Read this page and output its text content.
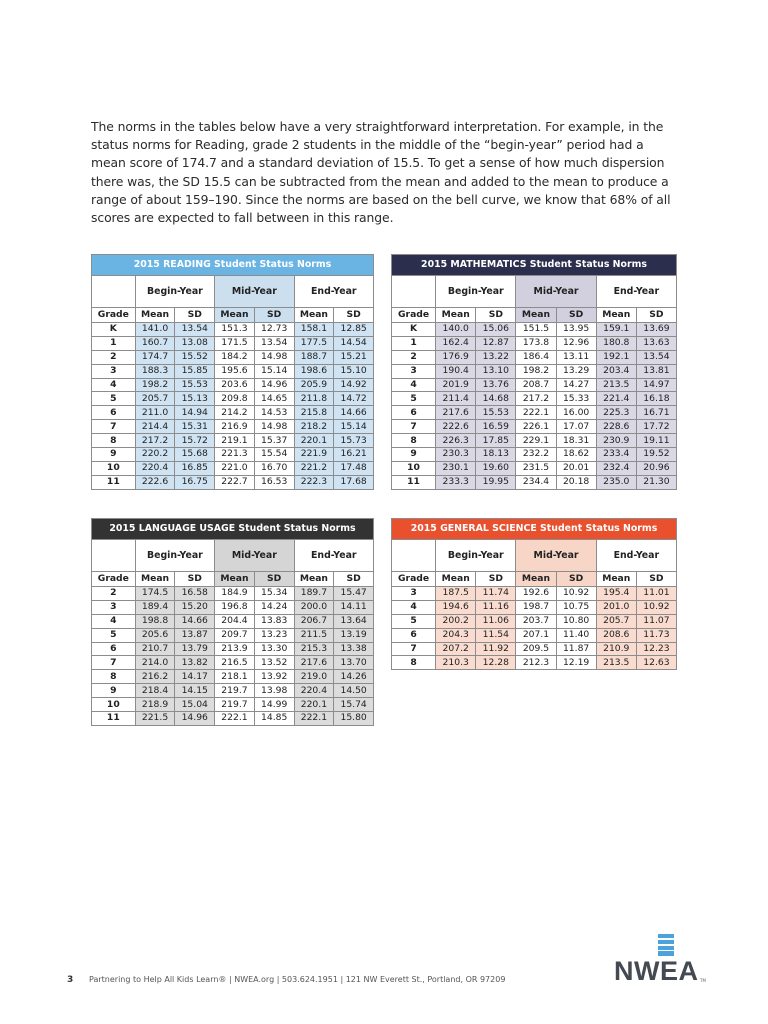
The norms in the tables below have a very straightforward interpretation. For example, in the status norms for Reading, grade 2 students in the middle of the “begin-year” period had a mean score of 174.7 and a standard deviation of 15.5. To get a sense of how much dispersion there was, the SD 15.5 can be subtracted from the mean and added to the mean to produce a range of about 159–190. Since the norms are based on the bell curve, we know that 68% of all scores are expected to fall between in this range.

2015 READING Student Status Norms						
	Begin-Year		Mid-Year		End-Year	
Grade	Mean	SD	Mean	SD	Mean	SD
K	141.0	13.54	151.3	12.73	158.1	12.85
1	160.7	13.08	171.5	13.54	177.5	14.54
2	174.7	15.52	184.2	14.98	188.7	15.21
3	188.3	15.85	195.6	15.14	198.6	15.10
4	198.2	15.53	203.6	14.96	205.9	14.92
5	205.7	15.13	209.8	14.65	211.8	14.72
6	211.0	14.94	214.2	14.53	215.8	14.66
7	214.4	15.31	216.9	14.98	218.2	15.14
8	217.2	15.72	219.1	15.37	220.1	15.73
9	220.2	15.68	221.3	15.54	221.9	16.21
10	220.4	16.85	221.0	16.70	221.2	17.48
11	222.6	16.75	222.7	16.53	222.3	17.68
2015 MATHEMATICS Student Status Norms						
	Begin-Year		Mid-Year		End-Year	
Grade	Mean	SD	Mean	SD	Mean	SD
K	140.0	15.06	151.5	13.95	159.1	13.69
1	162.4	12.87	173.8	12.96	180.8	13.63
2	176.9	13.22	186.4	13.11	192.1	13.54
3	190.4	13.10	198.2	13.29	203.4	13.81
4	201.9	13.76	208.7	14.27	213.5	14.97
5	211.4	14.68	217.2	15.33	221.4	16.18
6	217.6	15.53	222.1	16.00	225.3	16.71
7	222.6	16.59	226.1	17.07	228.6	17.72
8	226.3	17.85	229.1	18.31	230.9	19.11
9	230.3	18.13	232.2	18.62	233.4	19.52
10	230.1	19.60	231.5	20.01	232.4	20.96
11	233.3	19.95	234.4	20.18	235.0	21.30
2015 LANGUAGE USAGE Student Status Norms						
	Begin-Year		Mid-Year		End-Year	
Grade	Mean	SD	Mean	SD	Mean	SD
2	174.5	16.58	184.9	15.34	189.7	15.47
3	189.4	15.20	196.8	14.24	200.0	14.11
4	198.8	14.66	204.4	13.83	206.7	13.64
5	205.6	13.87	209.7	13.23	211.5	13.19
6	210.7	13.79	213.9	13.30	215.3	13.38
7	214.0	13.82	216.5	13.52	217.6	13.70
8	216.2	14.17	218.1	13.92	219.0	14.26
9	218.4	14.15	219.7	13.98	220.4	14.50
10	218.9	15.04	219.7	14.99	220.1	15.74
11	221.5	14.96	222.1	14.85	222.1	15.80
2015 GENERAL SCIENCE Student Status Norms						
	Begin-Year		Mid-Year		End-Year	
Grade	Mean	SD	Mean	SD	Mean	SD
3	187.5	11.74	192.6	10.92	195.4	11.01
4	194.6	11.16	198.7	10.75	201.0	10.92
5	200.2	11.06	203.7	10.80	205.7	11.07
6	204.3	11.54	207.1	11.40	208.6	11.73
7	207.2	11.92	209.5	11.87	210.9	12.23
8	210.3	12.28	212.3	12.19	213.5	12.63
3	Partnering to Help All Kids Learn® | NWEA.org | 503.624.1951 | 121 NW Everett St., Portland, OR 97209	NWEA TM
